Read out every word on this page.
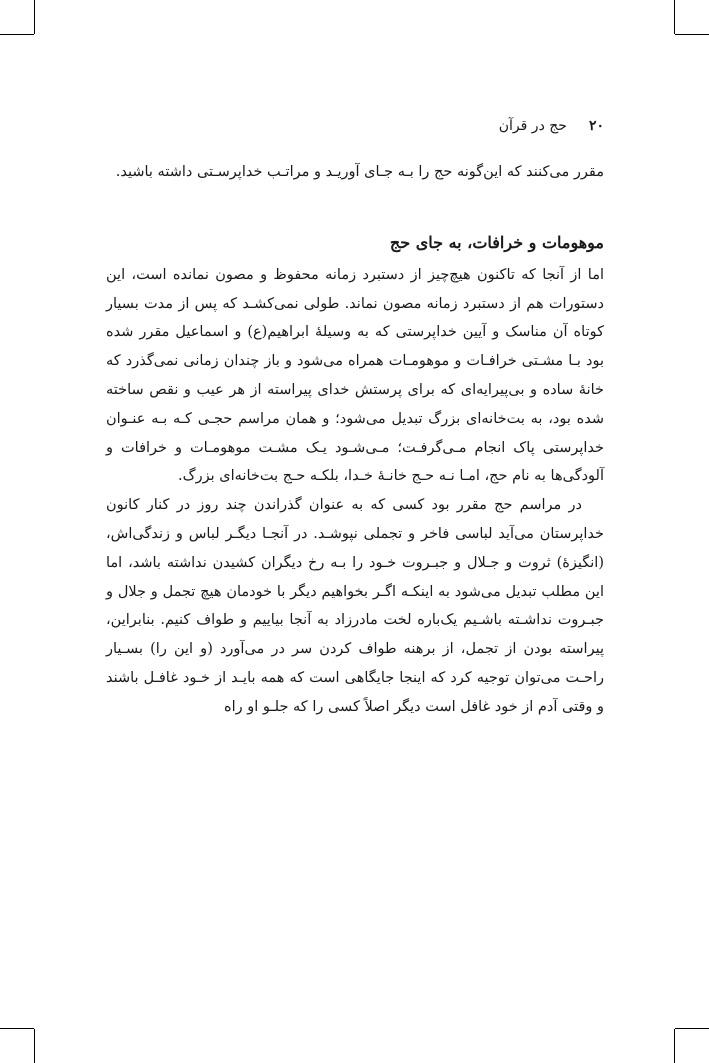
۲۰
حج در قرآن

مقرر می‌کنند که این‌گونه حج را بـه جـای آوریـد و مراتـب خداپرسـتی داشته باشید.

موهومات و خرافات، به جای حج

اما از آنجا که تاکنون هیچ‌چیز از دستبرد زمانه محفوظ و مصون نمانده است، این دستورات هم از دستبرد زمانه مصون نماند. طولی نمی‌کشـد که پس از مدت بسیار کوتاه آن مناسک و آیین خداپرستی که به وسیلهٔ ابراهیم(ع) و اسماعیل مقرر شده بود بـا مشـتی خرافـات و موهومـات همراه می‌شود و باز چندان زمانی نمی‌گذرد که خانهٔ ساده و بی‌پیرایه‌ای که برای پرستش خدای پیراسته از هر عیب و نقص ساخته شده بود، به بت‌خانه‌ای بزرگ تبدیل می‌شود؛ و همان مراسم حجـی کـه بـه عنـوان خداپرستی پاک انجام مـی‌گرفـت؛ مـی‌شـود یـک مشـت موهومـات و خرافات و آلودگی‌ها به نام حج، امـا نـه حـج خانـهٔ خـدا، بلکـه حـج بت‌خانه‌ای بزرگ.

در مراسم حج مقرر بود کسی که به عنوان گذراندن چند روز در کنار کانون خداپرستان می‌آید لباسی فاخر و تجملی نپوشـد. در آنجـا دیگـر لباس و زندگی‌اش، (انگیزهٔ) ثروت و جـلال و جبـروت خـود را بـه رخ دیگران کشیدن نداشته باشد، اما این مطلب تبدیل می‌شود به اینکـه اگـر بخواهیم دیگر با خودمان هیچ تجمل و جلال و جبـروت نداشـته باشـیم یک‌باره لخت مادرزاد به آنجا بیاییم و طواف کنیم. بنابراین، پیراسته بودن از تجمل، از برهنه طواف کردن سر در می‌آورد (و این را) بسـیار راحـت می‌توان توجیه کرد که اینجا جایگاهی است که همه بایـد از خـود غافـل باشند و وقتی آدم از خود غافل است دیگر اصلاً کسی را که جلـو او راه
